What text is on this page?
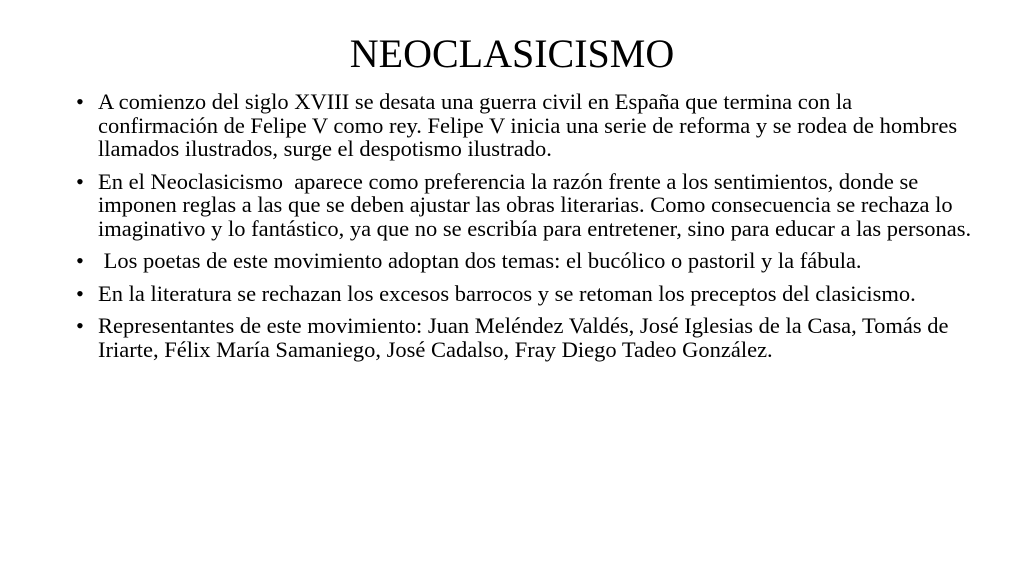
NEOCLASICISMO
• A comienzo del siglo XVIII se desata una guerra civil en España que termina con la confirmación de Felipe V como rey. Felipe V inicia una serie de reforma y se rodea de hombres llamados ilustrados, surge el despotismo ilustrado.
• En el Neoclasicismo  aparece como preferencia la razón frente a los sentimientos, donde se  imponen reglas a las que se deben ajustar las obras literarias. Como consecuencia se rechaza lo imaginativo y lo fantástico, ya que no se escribía para entretener, sino para educar a las personas.
• Los poetas de este movimiento adoptan dos temas: el bucólico o pastoril y la fábula.
• En la literatura se rechazan los excesos barrocos y se retoman los preceptos del clasicismo.
• Representantes de este movimiento: Juan Meléndez Valdés, José Iglesias de la Casa, Tomás de Iriarte, Félix María Samaniego, José Cadalso, Fray Diego Tadeo González.
